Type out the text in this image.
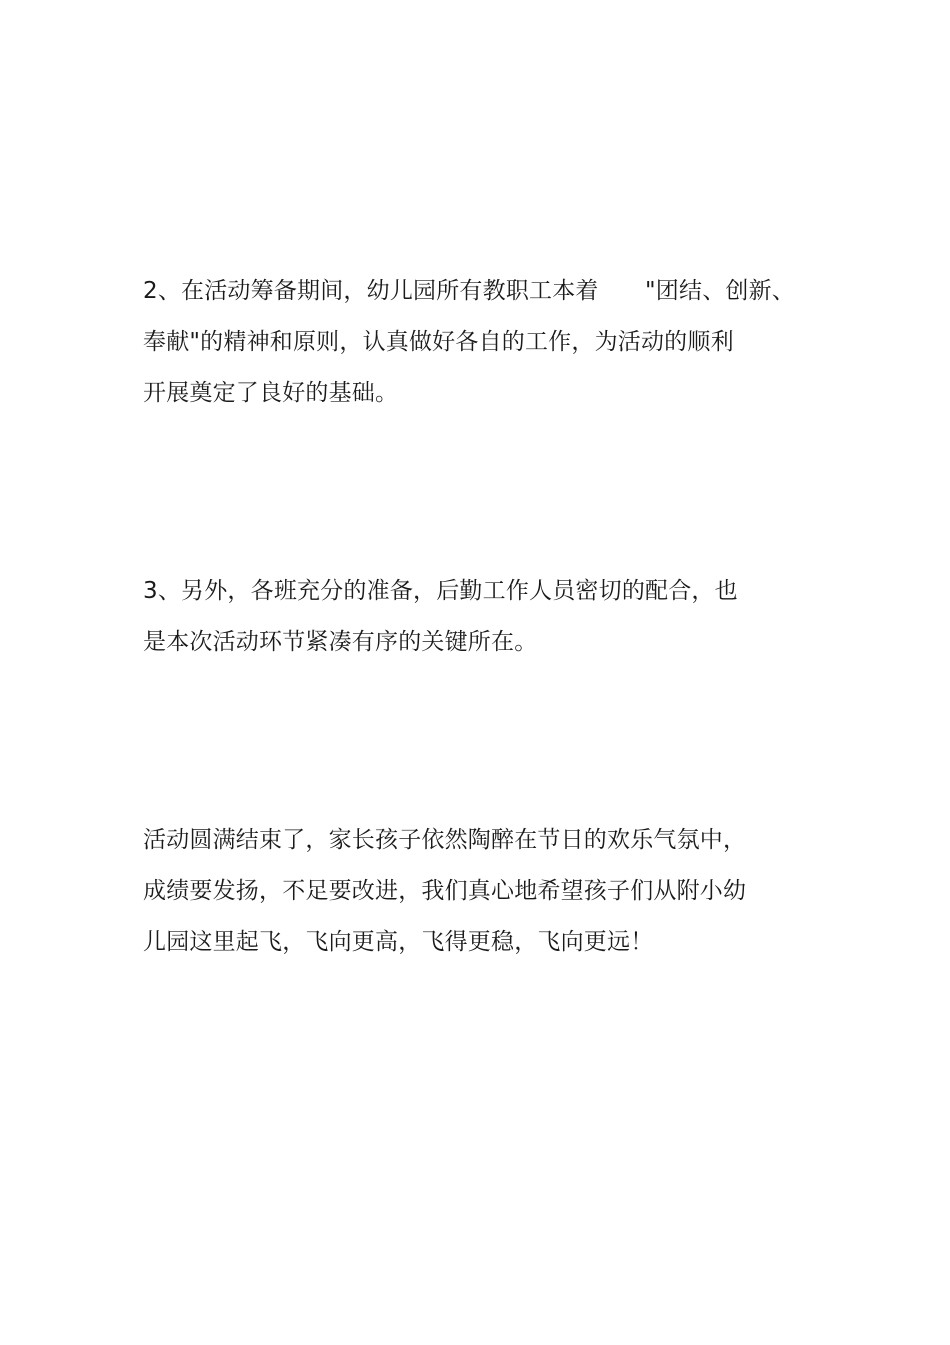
2、在活动筹备期间，幼儿园所有教职工本着　　"团结、创新、
奉献"的精神和原则，认真做好各自的工作，为活动的顺利
开展奠定了良好的基础。
3、另外，各班充分的准备，后勤工作人员密切的配合，也
是本次活动环节紧凑有序的关键所在。
活动圆满结束了，家长孩子依然陶醉在节日的欢乐气氛中，
成绩要发扬，不足要改进，我们真心地希望孩子们从附小幼
儿园这里起飞，飞向更高，飞得更稳，飞向更远！
